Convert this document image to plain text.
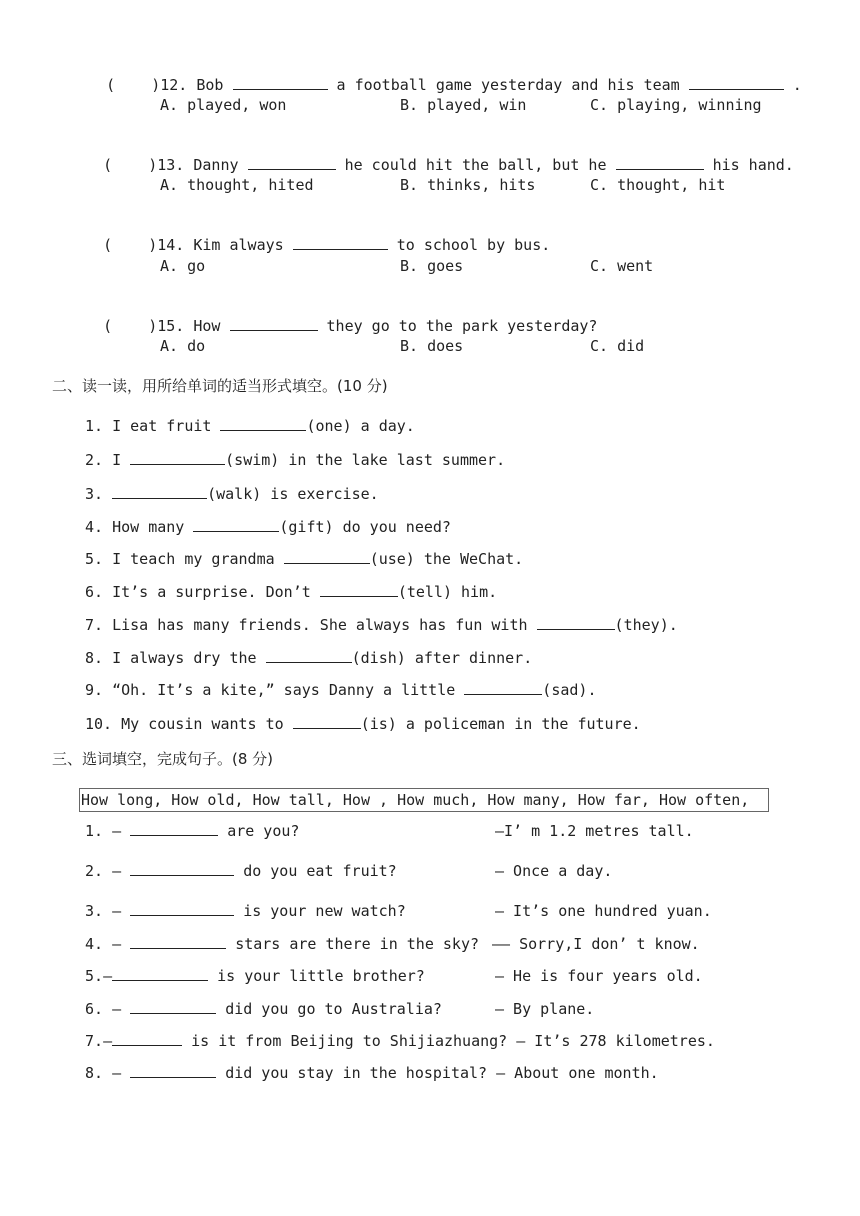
(    )12. Bob	a football game yesterday and his team	.

A. played, won	B. played, win	C. playing, winning

(    )13. Danny	he could hit the ball, but he	his hand.

A. thought, hited	B. thinks, hits	C. thought, hit

(    )14. Kim always	to school by bus.

A. go	B. goes	C. went

(    )15. How	they go to the park yesterday?

A. do	B. does	C. did
二、读一读，用所给单词的适当形式填空。(10 分)
1. I eat fruit	(one) a day.
2. I	(swim) in the lake last summer.
3.	(walk) is exercise.
4. How many	(gift) do you need?
5. I teach my grandma	(use) the WeChat.
6. It’s a surprise. Don’t	(tell) him.
7. Lisa has many friends. She always has fun with	(they).
8. I always dry the	(dish) after dinner.
9. “Oh. It’s a kite,” says Danny a little	(sad).
10. My cousin wants to	(is) a policeman in the future.
三、选词填空，完成句子。(8 分)
How long, How old, How tall, How , How much, How many, How far, How often,
1. —	are you?	—I’ m 1.2 metres tall.
2. —	do you eat fruit?	— Once a day.
3. —	is your new watch?	— It’s one hundred yuan.
4. —	stars are there in the sky? —— Sorry,I don’ t know.
5.—	is your little brother?	— He is four years old.
6. —	did you go to Australia?	— By plane.
7.—	is it from Beijing to Shijiazhuang? — It’s 278 kilometres.
8. —	did you stay in the hospital? — About one month.
